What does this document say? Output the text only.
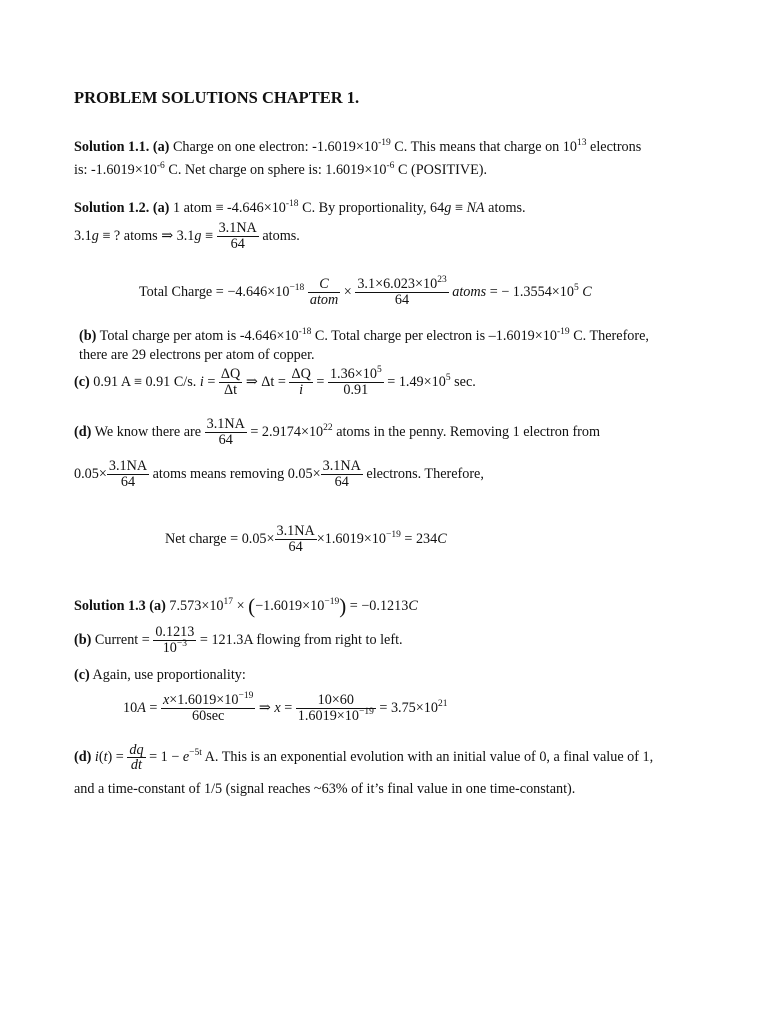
PROBLEM SOLUTIONS CHAPTER 1.
Solution 1.1. (a) Charge on one electron: $-1.6019\times 10^{-19}$ C. This means that charge on $10^{13}$ electrons
is: $-1.6019\times 10^{-6}$ C. Net charge on sphere is: $1.6019\times 10^{-6}$ C (POSITIVE).
Solution 1.2. (a) 1 atom ≡ $-4.646\times 10^{-18}$ C. By proportionality, 64g ≡ NA atoms.
3.1g ≡ ? atoms ⇒ $3.1g \equiv \frac{3.1NA}{64}$ atoms.
Total Charge = $-4.646\times 10^{-18} \frac{C}{\text{atom}} \times \frac{3.1\times 6.023\times 10^{23}}{64}$ atoms = − $1.3554\times 10^5$ C
(b) Total charge per atom is $-4.646\times 10^{-18}$ C. Total charge per electron is $-1.6019\times 10^{-19}$ C. Therefore,
there are 29 electrons per atom of copper.
(c) 0.91 A ≡ 0.91 C/s. $i = \frac{\Delta Q}{\Delta t}$ ⇒ $\Delta t = \frac{\Delta Q}{i} = \frac{1.36\times 10^5}{0.91} = 1.49\times 10^5$ sec.
(d) We know there are $\frac{3.1NA}{64} = 2.9174\times 10^{22}$ atoms in the penny. Removing 1 electron from
$0.05\times \frac{3.1NA}{64}$ atoms means removing $0.05\times \frac{3.1NA}{64}$ electrons. Therefore,
Net charge = $0.05\times \frac{3.1NA}{64} \times 1.6019\times 10^{-19} = 234C$
Solution 1.3 (a) $7.573\times 10^{17} \times (-1.6019\times 10^{-19}) = -0.1213C$
(b) Current = $\frac{0.1213}{10^{-3}} = 121.3A$ flowing from right to left.
(c) Again, use proportionality:
$10A = \frac{x\times 1.6019\times 10^{-19}}{60\sec}$ ⇒ $x = \frac{10\times 60}{1.6019\times 10^{-19}} = 3.75\times 10^{21}$
(d) $i(t) = \frac{dq}{dt} = 1 - e^{-5t}$ A. This is an exponential evolution with an initial value of 0, a final value of 1,
and a time-constant of 1/5 (signal reaches ~63% of it’s final value in one time-constant).
